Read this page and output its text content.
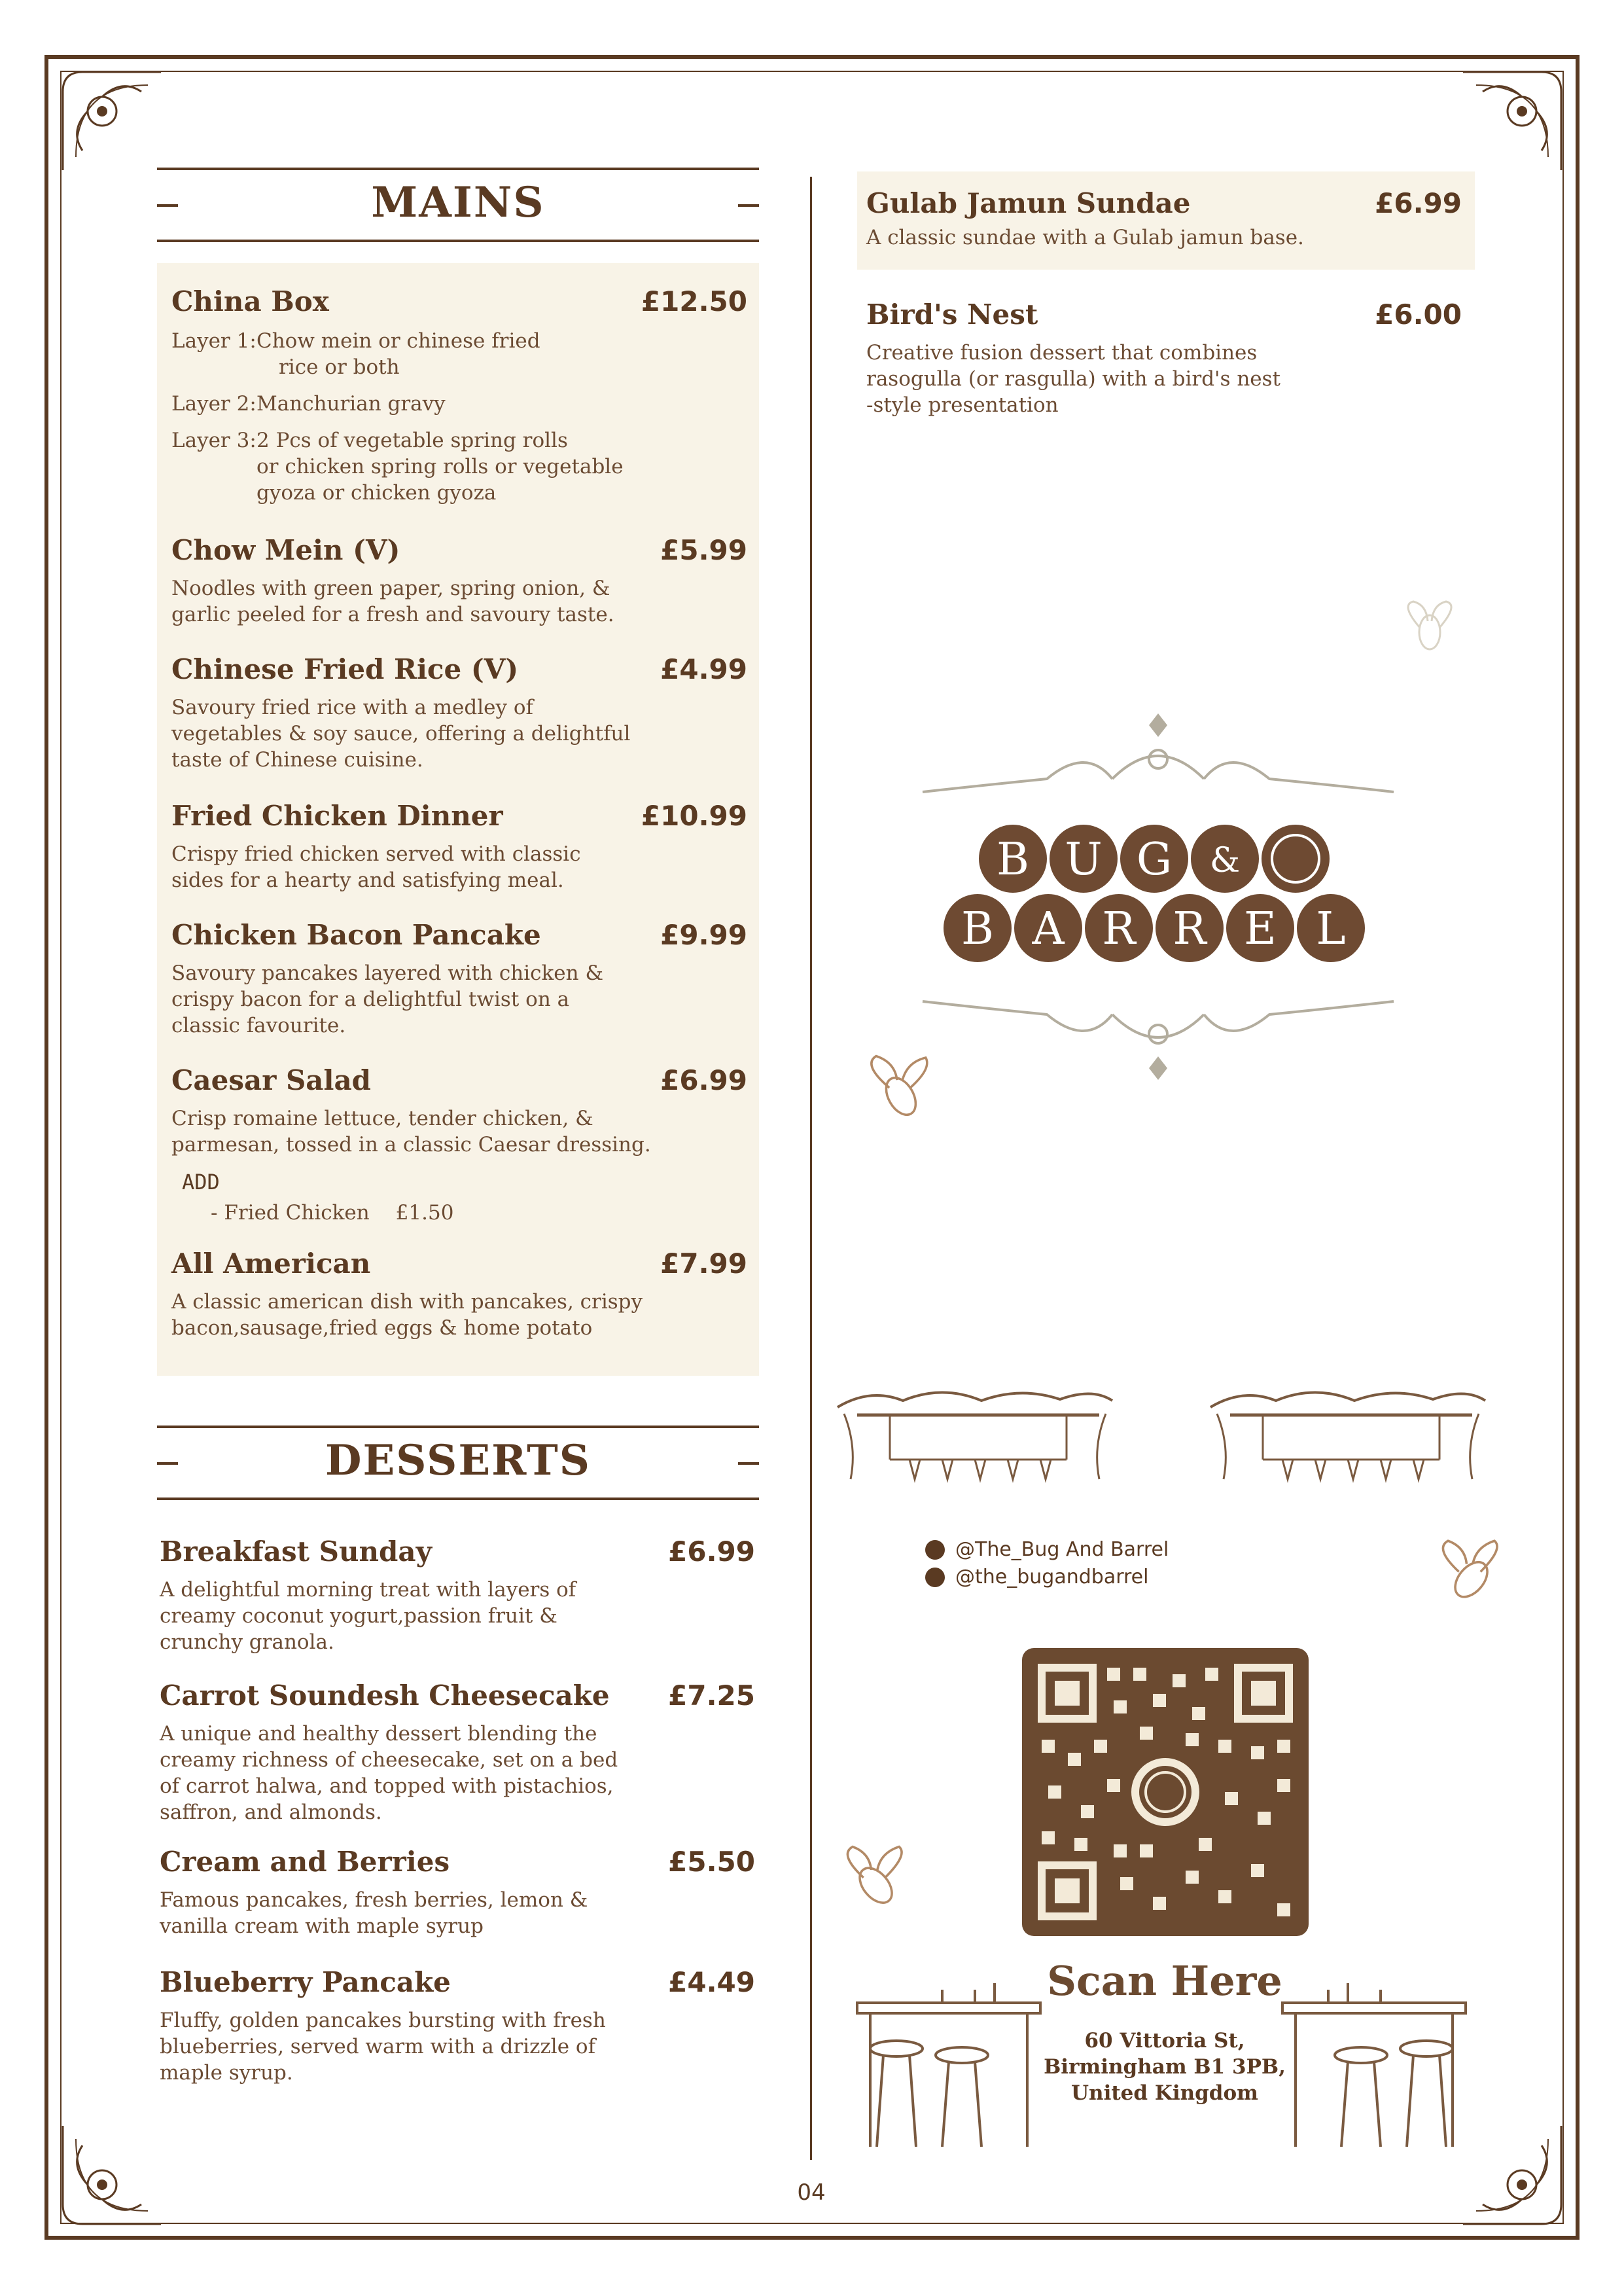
MAINS
China Box	£12.50
Layer 1: Chow mein or chinese fried
rice or both
Layer 2: Manchurian gravy
Layer 3: 2 Pcs of vegetable spring rolls
or chicken spring rolls or vegetable
gyoza or chicken gyoza
Chow Mein (V)	£5.99
Noodles with green paper, spring onion, &
garlic peeled for a fresh and savoury taste.
Chinese Fried Rice (V)	£4.99
Savoury fried rice with a medley of
vegetables & soy sauce, offering a delightful
taste of Chinese cuisine.
Fried Chicken Dinner	£10.99
Crispy fried chicken served with classic
sides for a hearty and satisfying meal.
Chicken Bacon Pancake	£9.99
Savoury pancakes layered with chicken &
crispy bacon for a delightful twist on a
classic favourite.
Caesar Salad	£6.99
Crisp romaine lettuce, tender chicken, &
parmesan, tossed in a classic Caesar dressing.
ADD
- Fried Chicken £1.50
All American	£7.99
A classic american dish with pancakes, crispy
bacon,sausage,fried eggs & home potato
DESSERTS
Breakfast Sunday	£6.99
A delightful morning treat with layers of
creamy coconut yogurt,passion fruit &
crunchy granola.
Carrot Soundesh Cheesecake	£7.25
A unique and healthy dessert blending the
creamy richness of cheesecake, set on a bed
of carrot halwa, and topped with pistachios,
saffron, and almonds.
Cream and Berries	£5.50
Famous pancakes, fresh berries, lemon &
vanilla cream with maple syrup
Blueberry Pancake	£4.49
Fluffy, golden pancakes bursting with fresh
blueberries, served warm with a drizzle of
maple syrup.
Gulab Jamun Sundae	£6.99
A classic sundae with a Gulab jamun base.
Bird's Nest	£6.00
Creative fusion dessert that combines
rasogulla (or rasgulla) with a bird's nest
-style presentation
B U G &
B A R R E L
@The_Bug And Barrel
@the_bugandbarrel
Scan Here
60 Vittoria St,
Birmingham B1 3PB,
United Kingdom
04
